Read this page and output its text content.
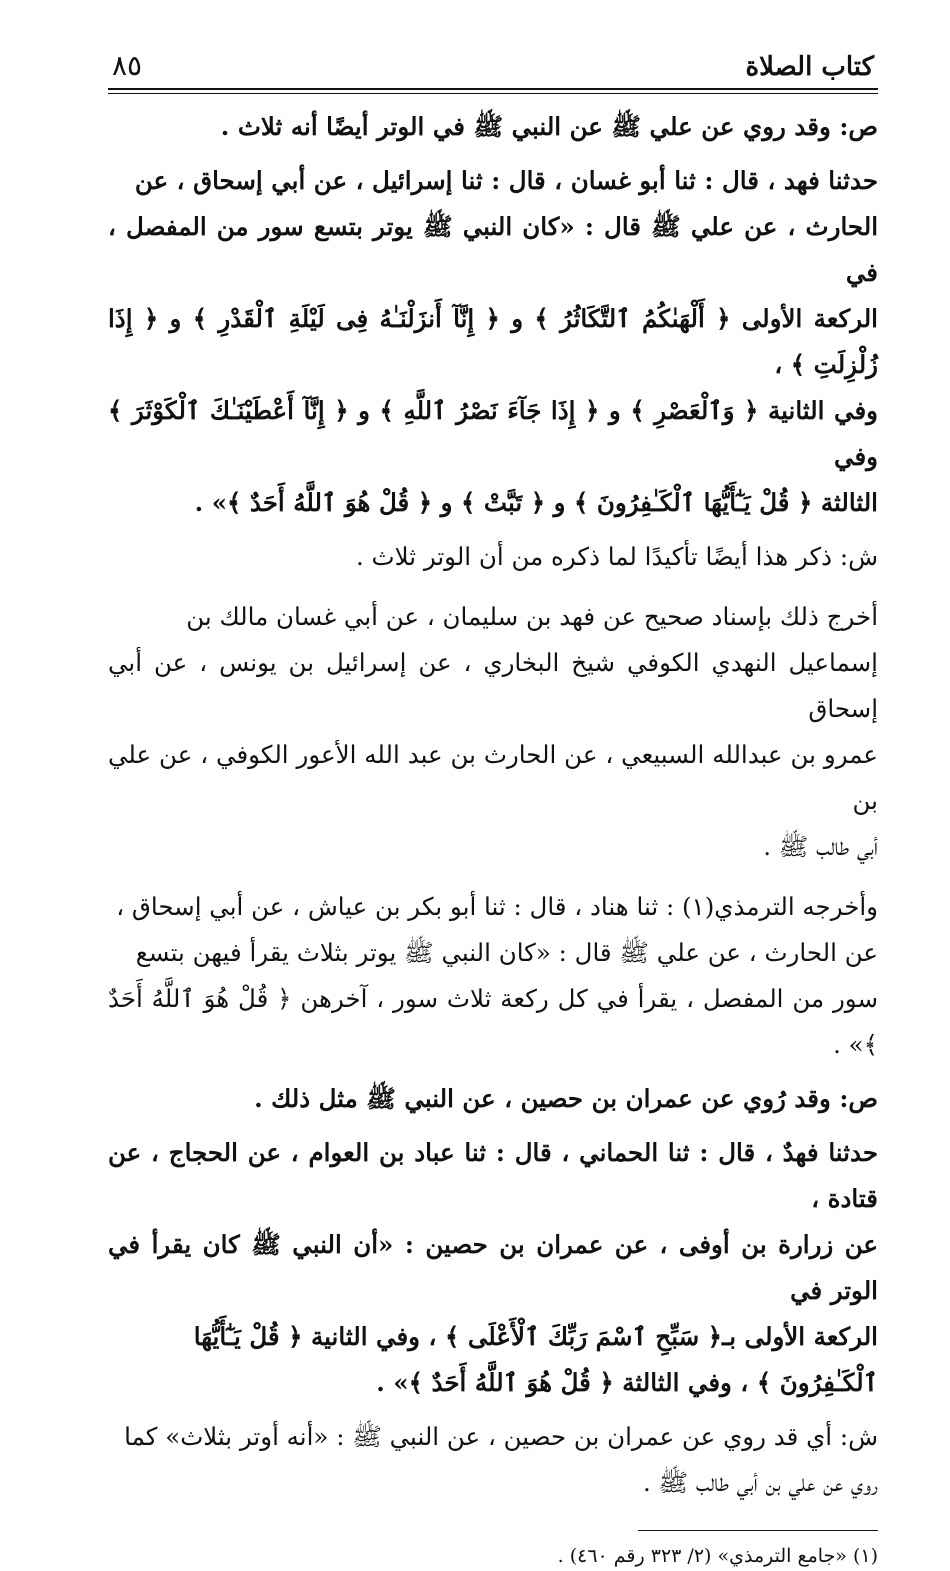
كتاب الصلاة
٨٥

ص: وقد روي عن علي ﷺ عن النبي ﷺ في الوتر أيضًا أنه ثلاث .

حدثنا فهد ، قال : ثنا أبو غسان ، قال : ثنا إسرائيل ، عن أبي إسحاق ، عن

الحارث ، عن علي ﷺ قال : «كان النبي ﷺ يوتر بتسع سور من المفصل ، في

الركعة الأولى ﴿ أَلْهَىٰكُمُ ٱلتَّكَاثُرُ ﴾ و ﴿ إِنَّآ أَنزَلْنَـٰهُ فِى لَيْلَةِ ٱلْقَدْرِ ﴾ و ﴿ إِذَا زُلْزِلَتِ ﴾ ،

وفي الثانية ﴿ وَٱلْعَصْرِ ﴾ و ﴿ إِذَا جَآءَ نَصْرُ ٱللَّهِ ﴾ و ﴿ إِنَّآ أَعْطَيْنَـٰكَ ٱلْكَوْثَرَ ﴾ وفي

الثالثة ﴿ قُلْ يَـٰٓأَيُّهَا ٱلْكَـٰفِرُونَ ﴾ و ﴿ تَبَّتْ ﴾ و ﴿ قُلْ هُوَ ٱللَّهُ أَحَدٌ ﴾» .

ش: ذكر هذا أيضًا تأكيدًا لما ذكره من أن الوتر ثلاث .

أخرج ذلك بإسناد صحيح عن فهد بن سليمان ، عن أبي غسان مالك بن

إسماعيل النهدي الكوفي شيخ البخاري ، عن إسرائيل بن يونس ، عن أبي إسحاق

عمرو بن عبدالله السبيعي ، عن الحارث بن عبد الله الأعور الكوفي ، عن علي بن

أبي طالب ﷺ .

وأخرجه الترمذي(١) : ثنا هناد ، قال : ثنا أبو بكر بن عياش ، عن أبي إسحاق ،

عن الحارث ، عن علي ﷺ قال : «كان النبي ﷺ يوتر بثلاث يقرأ فيهن بتسع

سور من المفصل ، يقرأ في كل ركعة ثلاث سور ، آخرهن ﴿ قُلْ هُوَ ٱللَّهُ أَحَدٌ ﴾» .

ص: وقد رُوي عن عمران بن حصين ، عن النبي ﷺ مثل ذلك .

حدثنا فهدٌ ، قال : ثنا الحماني ، قال : ثنا عباد بن العوام ، عن الحجاج ، عن قتادة ،

عن زرارة بن أوفى ، عن عمران بن حصين : «أن النبي ﷺ كان يقرأ في الوتر في

الركعة الأولى بـ﴿ سَبِّحِ ٱسْمَ رَبِّكَ ٱلْأَعْلَى ﴾ ، وفي الثانية ﴿ قُلْ يَـٰٓأَيُّهَا

ٱلْكَـٰفِرُونَ ﴾ ، وفي الثالثة ﴿ قُلْ هُوَ ٱللَّهُ أَحَدٌ ﴾» .

ش: أي قد روي عن عمران بن حصين ، عن النبي ﷺ : «أنه أوتر بثلاث» كما

روي عن علي بن أبي طالب ﷺ .

(١) «جامع الترمذي» (٢/ ٣٢٣ رقم ٤٦٠) .
